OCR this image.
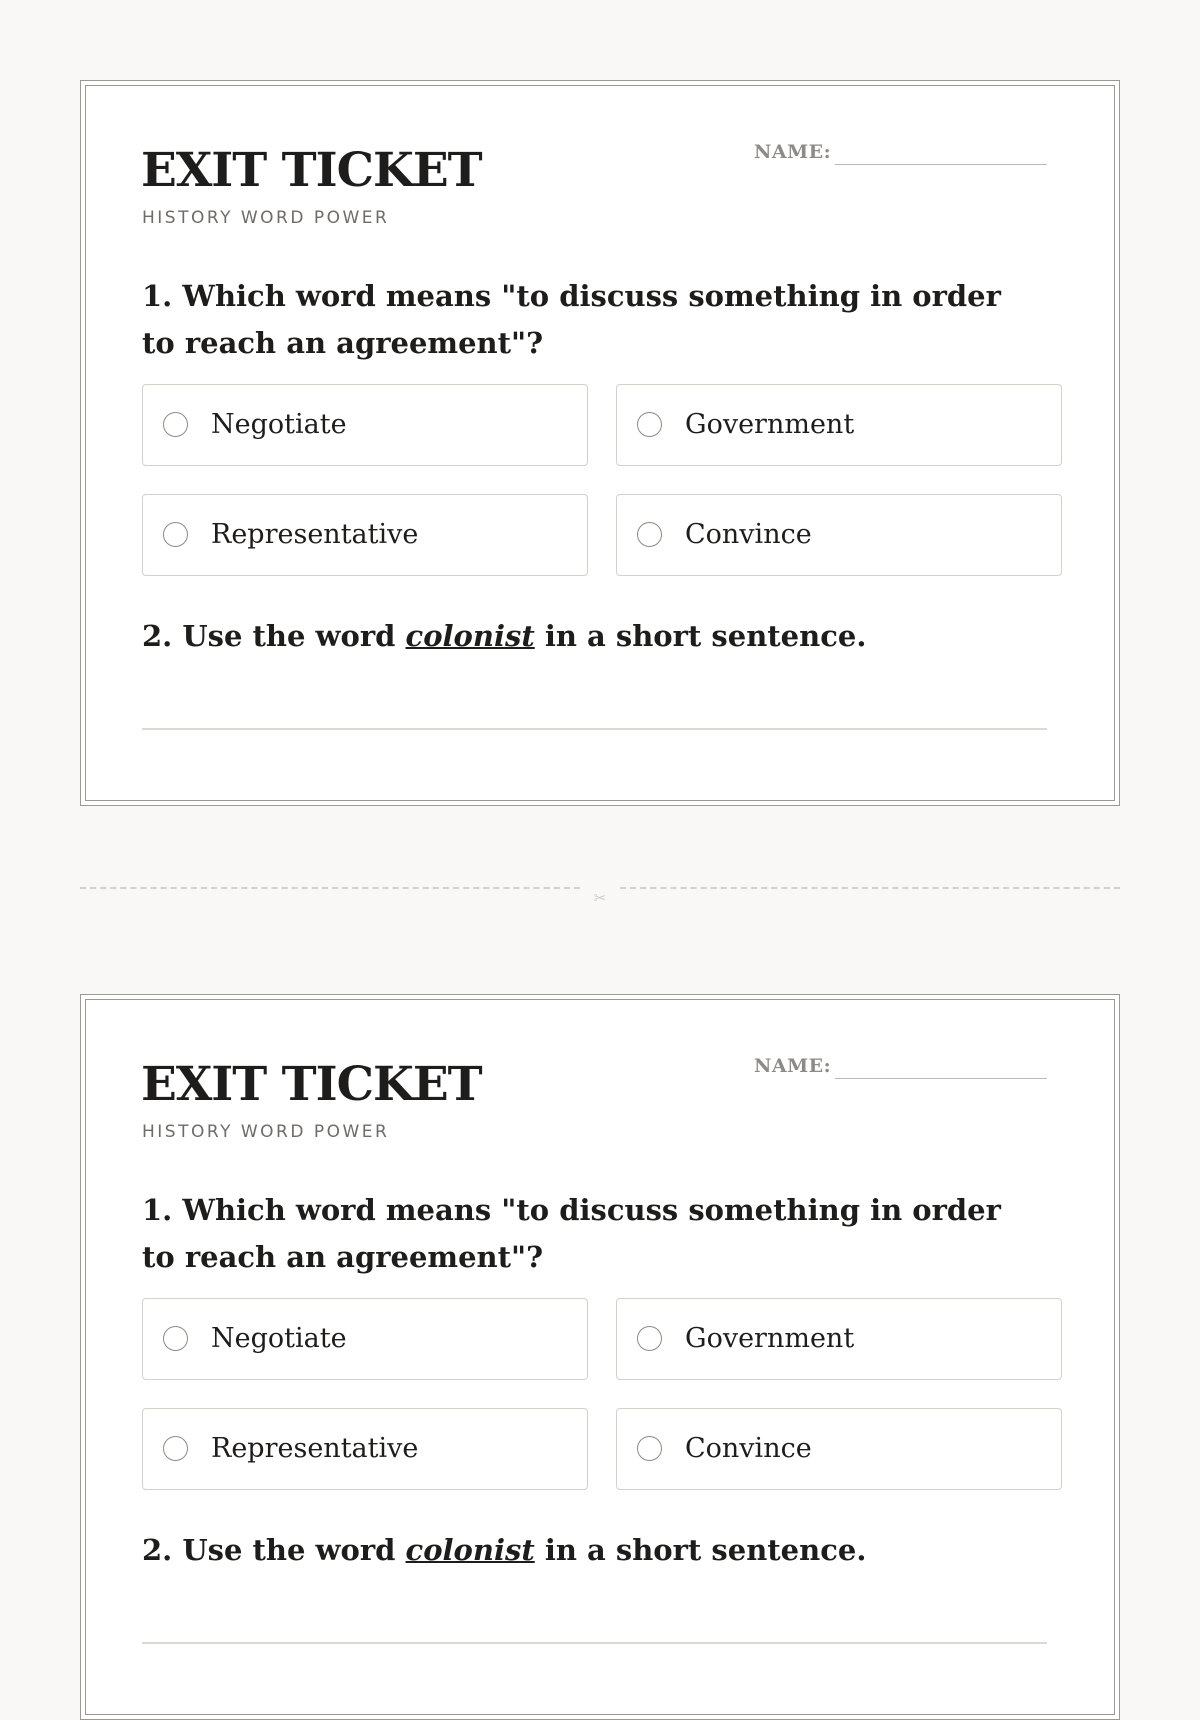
EXIT TICKET
HISTORY WORD POWER
NAME:

1. Which word means "to discuss something in order to reach an agreement"?

Negotiate	Government
Representative	Convince

2. Use the word colonist in a short sentence.

✂
EXIT TICKET
HISTORY WORD POWER
NAME:

1. Which word means "to discuss something in order to reach an agreement"?

Negotiate	Government
Representative	Convince

2. Use the word colonist in a short sentence.
